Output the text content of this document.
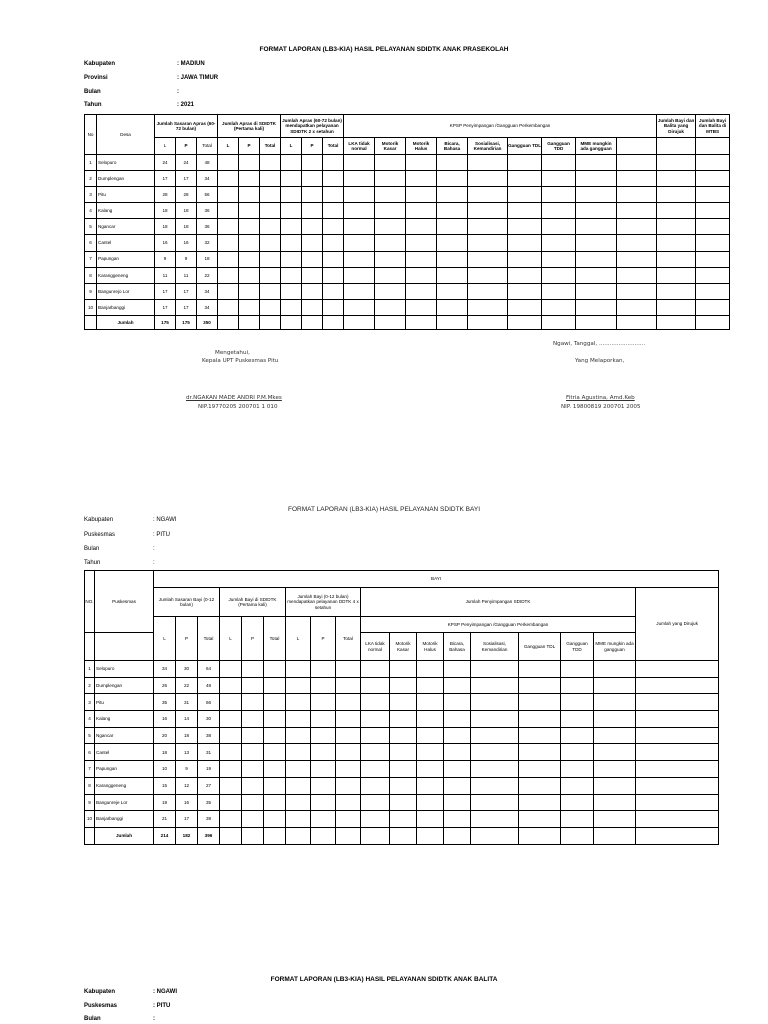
FORMAT LAPORAN (LB3-KIA) HASIL PELAYANAN SDIDTK ANAK PRASEKOLAH
Kabupaten	: MADIUN
Provinsi	: JAWA TIMUR
Bulan	:
Tahun	: 2021
No	Desa	Jumlah Sasaran Apras (60-72 bulan)			Jumlah Apras di SDIDTK (Pertama kali)			Jumlah Apras (60-72 bulan) mendapatkan pelayanan SDIDTK 2 x setahun			KPSP Penyimpangan /Gangguan Perkembangan									Jumlah Bayi dan Balita yang Dirujuk	Jumlah Bayi dan Balita di MTBS	
		L	P	Total	L	P	Total	L	P	Total	LKA tidak normal	Motorik Kasar	Motorik Halus	Bicara, Bahasa	Sosialisasi, Kemandirian	Gangguan TDL	Gangguan TDD	MME mungkin ada gangguan				
1	Selopuro	24	24	48																		
2	Dumplengan	17	17	34																		
3	Pitu	28	28	56																		
4	Kalang	18	18	36																		
5	Ngancar	18	18	36																		
6	Cantel	16	16	32																		
7	Papungan	9	9	18																		
8	Karanggeneng	11	11	22																		
9	Bangunrejo Lor	17	17	34																		
10	Banjarbanggi	17	17	34																		
	Jumlah	175	175	350																		
Ngawi, Tanggal, ..........................
Mengetahui,
Kepala UPT Puskesmas Pitu	Yang Melaporkan,
dr.NGAKAN MADE ANDRI P.M.Mkes
NIP.19770205 200701 1 010
Fitria Agustina, Amd.Keb
NIP. 19800819 200701 2005
FORMAT LAPORAN (LB3-KIA) HASIL PELAYANAN SDIDTK BAYI
Kabupaten	: NGAWI
Puskesmas	: PITU
Bulan	:
Tahun	:
NO.	Puskesmas	BAYI																	
		Jumlah Sasaran Bayi (0-12 bulan)			Jumlah Bayi di SDIDTK (Pertama kali)			Jumlah Bayi (0-12 bulan) mendapatkan pelayanan DDTK 4 x setahun			Jumlah Penyimpangan SDIDTK								Jumlah yang Dirujuk
		L	P	Total	L	P	Total	L	P	Total	KPSP Penyimpangan /Gangguan Perkembangan								
											LKA tidak normal	Motorik Kasar	Motorik Halus	Bicara, Bahasa	Sosialisasi, Kemandirian	Gangguan TDL	Gangguan TDD	MME mungkin ada gangguan	
1	Selopuro	34	30	64															
2	Dumplengan	26	22	48															
3	Pitu	35	31	66															
4	Kalang	16	14	30															
5	Ngancar	20	18	38															
6	Cantel	18	13	31															
7	Papungan	10	9	19															
8	Karanggeneng	15	12	27															
9	Bangunreje Lor	19	16	35															
10	Banjarbanggi	21	17	38															
	Jumlah	214	182	396															
FORMAT LAPORAN (LB3-KIA) HASIL PELAYANAN SDIDTK ANAK BALITA
Kabupaten	: NGAWI
Puskesmas	: PITU
Bulan	:
